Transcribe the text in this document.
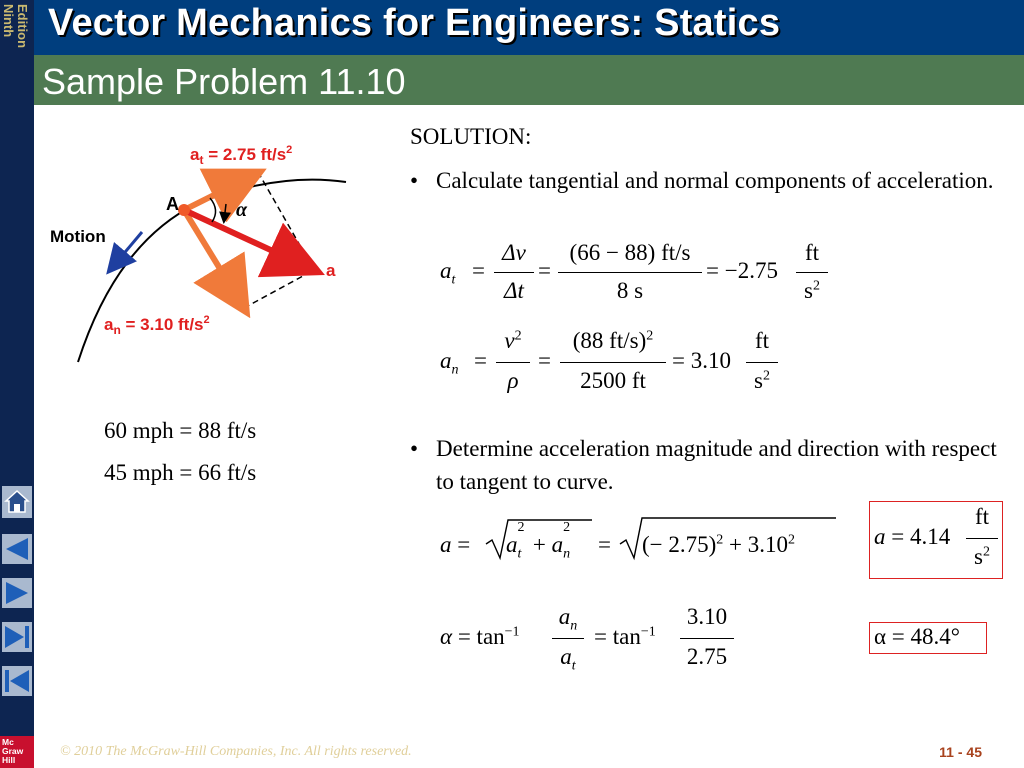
Ninth Edition
Mc
Graw
Hill
Vector Mechanics for Engineers: Statics
Sample Problem 11.10
$a_t = 2.75$ $ft/s^2$
$a_n = 3.10$ $ft/s^2$
A	α
Motion
a
60 mph = 88 ft/s
45 mph = 66 ft/s
SOLUTION:
• Calculate tangential and normal components of acceleration.
• Determine acceleration magnitude and direction with respect to tangent to curve.
$a_t$ =
Δv
Δt
=
(66 − 88) ft/s
8 s
= −2.75
ft
$s^2$
$a_n$ =
$v^2$
ρ
=
(88 ft/s)$^2$
2500 ft
= 3.10
ft
$s^2$
a = a
2
$_t$  + a
2
$_n$ = (− $2.75)^2 + 3.10^2$	a = 4.14
ft
$s^2$
$\alpha = \tan^{-1}$
$a_n$
$a_t$
= $\tan^{-1}$
3.10
2.75
α = 48.4°
© 2010 The McGraw-Hill Companies, Inc. All rights reserved.	11 - 45
